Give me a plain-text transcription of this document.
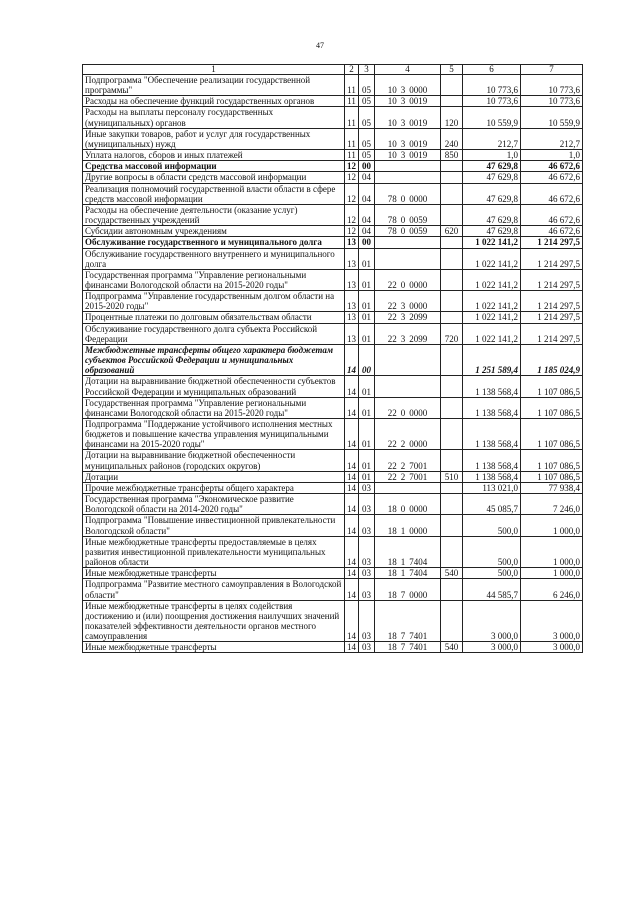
47
1	2	3	4	5	6	7
Подпрограмма "Обеспечение реализации государственной программы"	11	05	10 3 0000		10 773,6	10 773,6
Расходы на обеспечение функций государственных органов	11	05	10 3 0019		10 773,6	10 773,6
Расходы на выплаты персоналу государственных (муниципальных) органов	11	05	10 3 0019	120	10 559,9	10 559,9
Иные закупки товаров, работ и услуг для государственных (муниципальных) нужд	11	05	10 3 0019	240	212,7	212,7
Уплата налогов, сборов и иных платежей	11	05	10 3 0019	850	1,0	1,0
Средства массовой информации	12	00			47 629,8	46 672,6
Другие вопросы в области средств массовой информации	12	04			47 629,8	46 672,6
Реализация полномочий государственной власти области в сфере средств массовой информации	12	04	78 0 0000		47 629,8	46 672,6
Расходы на обеспечение деятельности (оказание услуг) государственных учреждений	12	04	78 0 0059		47 629,8	46 672,6
Субсидии автономным учреждениям	12	04	78 0 0059	620	47 629,8	46 672,6
Обслуживание государственного и муниципального долга	13	00			1 022 141,2	1 214 297,5
Обслуживание государственного внутреннего и муниципального долга	13	01			1 022 141,2	1 214 297,5
Государственная программа "Управление региональными финансами Вологодской области на 2015-2020 годы"	13	01	22 0 0000		1 022 141,2	1 214 297,5
Подпрограмма "Управление государственным долгом области на 2015-2020 годы"	13	01	22 3 0000		1 022 141,2	1 214 297,5
Процентные платежи по долговым обязательствам области	13	01	22 3 2099		1 022 141,2	1 214 297,5
Обслуживание государственного долга субъекта Российской Федерации	13	01	22 3 2099	720	1 022 141,2	1 214 297,5
Межбюджетные трансферты общего характера бюджетам субъектов Российской Федерации и муниципальных образований	14	00			1 251 589,4	1 185 024,9
Дотации на выравнивание бюджетной обеспеченности субъектов Российской Федерации и муниципальных образований	14	01			1 138 568,4	1 107 086,5
Государственная программа "Управление региональными финансами Вологодской области на 2015-2020 годы"	14	01	22 0 0000		1 138 568,4	1 107 086,5
Подпрограмма "Поддержание устойчивого исполнения местных бюджетов и повышение качества управления муниципальными финансами на 2015-2020 годы"	14	01	22 2 0000		1 138 568,4	1 107 086,5
Дотации на выравнивание бюджетной обеспеченности муниципальных районов (городских округов)	14	01	22 2 7001		1 138 568,4	1 107 086,5
Дотации	14	01	22 2 7001	510	1 138 568,4	1 107 086,5
Прочие межбюджетные трансферты общего характера	14	03			113 021,0	77 938,4
Государственная программа "Экономическое развитие Вологодской области на 2014-2020 годы"	14	03	18 0 0000		45 085,7	7 246,0
Подпрограмма "Повышение инвестиционной привлекательности Вологодской области"	14	03	18 1 0000		500,0	1 000,0
Иные межбюджетные трансферты предоставляемые в целях развития инвестиционной привлекательности муниципальных районов области	14	03	18 1 7404		500,0	1 000,0
Иные межбюджетные трансферты	14	03	18 1 7404	540	500,0	1 000,0
Подпрограмма "Развитие местного самоуправления в Вологодской области"	14	03	18 7 0000		44 585,7	6 246,0
Иные межбюджетные трансферты в целях содействия достижению и (или) поощрения достижения наилучших значений показателей эффективности деятельности органов местного самоуправления	14	03	18 7 7401		3 000,0	3 000,0
Иные межбюджетные трансферты	14	03	18 7 7401	540	3 000,0	3 000,0
